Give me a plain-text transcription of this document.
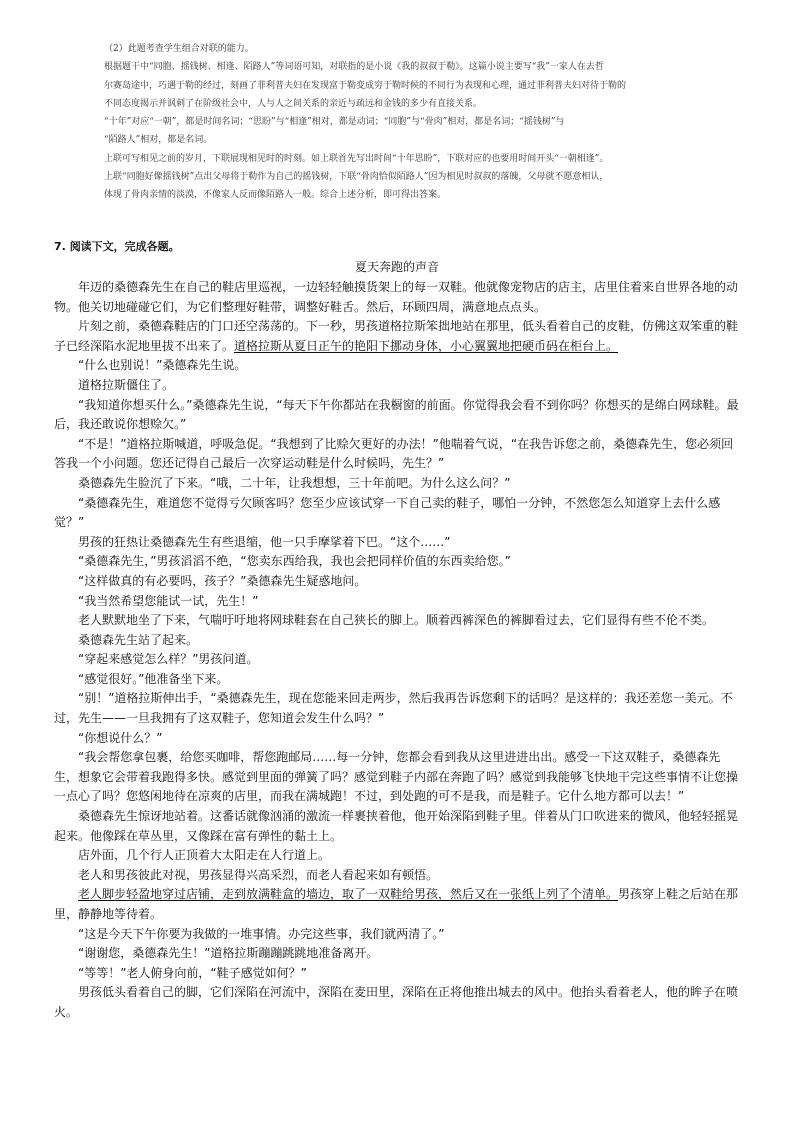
（2）此题考查学生组合对联的能力。

根据题干中“同胞、摇钱树、相逢、陌路人”等词语可知，对联指的是小说《我的叔叔于勒》。这篇小说主要写“我”一家人在去哲

尔赛岛途中，巧遇于勒的经过，刻画了菲利普夫妇在发现富于勒变成穷于勒时候的不同行为表现和心理，通过菲利普夫妇对待于勒的

不同态度揭示并讽刺了在阶级社会中，人与人之间关系的亲近与疏远和金钱的多少有直接关系。

“十年”对应“一朝”，都是时间名词；“思盼”与“相逢”相对，都是动词；“同胞”与“骨肉”相对，都是名词；“摇钱树”与

“陌路人”相对，都是名词。

上联可写相见之前的岁月，下联展现相见时的时刻。如上联首先写出时间“十年思盼”，下联对应的也要用时间开头“一朝相逢”。

上联“同胞好像摇钱树”点出父母将于勒作为自己的摇钱树，下联“骨肉恰似陌路人”因为相见时叔叔的落魄，父母就不愿意相认，

体现了骨肉亲情的淡漠，不像家人反而像陌路人一般。综合上述分析，即可得出答案。

7. 阅读下文，完成各题。
夏天奔跑的声音

年迈的桑德森先生在自己的鞋店里巡视，一边轻轻触摸货架上的每一双鞋。他就像宠物店的店主，店里住着来自世界各地的动物。他关切地碰碰它们，为它们整理好鞋带，调整好鞋舌。然后，环顾四周，满意地点点头。

片刻之前，桑德森鞋店的门口还空荡荡的。下一秒，男孩道格拉斯笨拙地站在那里，低头看着自己的皮鞋，仿佛这双笨重的鞋子已经深陷水泥地里拔不出来了。道格拉斯从夏日正午的艳阳下挪动身体，小心翼翼地把硬币码在柜台上。

“什么也别说！”桑德森先生说。

道格拉斯僵住了。

“我知道你想买什么。”桑德森先生说，“每天下午你都站在我橱窗的前面。你觉得我会看不到你吗？你想买的是绵白网球鞋。最后，我还敢说你想赊欠。”

“不是！”道格拉斯喊道，呼吸急促。“我想到了比赊欠更好的办法！”他喘着气说，“在我告诉您之前，桑德森先生，您必须回答我一个小问题。您还记得自己最后一次穿运动鞋是什么时候吗，先生？”

桑德森先生脸沉了下来。“哦，二十年，让我想想，三十年前吧。为什么这么问？”

“桑德森先生，难道您不觉得亏欠顾客吗？您至少应该试穿一下自己卖的鞋子，哪怕一分钟，不然您怎么知道穿上去什么感觉？”

男孩的狂热让桑德森先生有些退缩，他一只手摩挲着下巴。“这个……”

“桑德森先生，”男孩滔滔不绝，“您卖东西给我，我也会把同样价值的东西卖给您。”

“这样做真的有必要吗，孩子？”桑德森先生疑惑地问。

“我当然希望您能试一试，先生！”

老人默默地坐了下来，气喘吁吁地将网球鞋套在自己狭长的脚上。顺着西裤深色的裤脚看过去，它们显得有些不伦不类。

桑德森先生站了起来。

“穿起来感觉怎么样？”男孩问道。

“感觉很好。”他准备坐下来。

“别！”道格拉斯伸出手，“桑德森先生，现在您能来回走两步，然后我再告诉您剩下的话吗？是这样的：我还差您一美元。不过，先生——一旦我拥有了这双鞋子，您知道会发生什么吗？”

“你想说什么？”

“我会帮您拿包裹，给您买咖啡，帮您跑邮局……每一分钟，您都会看到我从这里进进出出。感受一下这双鞋子，桑德森先生，想象它会带着我跑得多快。感觉到里面的弹簧了吗？感觉到鞋子内部在奔跑了吗？感觉到我能够飞快地干完这些事情不让您操一点心了吗？您悠闲地待在凉爽的店里，而我在满城跑！不过，到处跑的可不是我，而是鞋子。它什么地方都可以去！”

桑德森先生惊讶地站着。这番话就像汹涌的激流一样裹挟着他，他开始深陷到鞋子里。伴着从门口吹进来的微风，他轻轻摇晃起来。他像踩在草丛里，又像踩在富有弹性的黏土上。

店外面，几个行人正顶着大太阳走在人行道上。

老人和男孩彼此对视，男孩显得兴高采烈，而老人看起来如有顿悟。

老人脚步轻盈地穿过店铺，走到放满鞋盒的墙边，取了一双鞋给男孩，然后又在一张纸上列了个清单。男孩穿上鞋之后站在那里，静静地等待着。

“这是今天下午你要为我做的一堆事情。办完这些事，我们就两清了。”

“谢谢您，桑德森先生！”道格拉斯蹦蹦跳跳地准备离开。

“等等！”老人俯身向前，“鞋子感觉如何？”

男孩低头看着自己的脚，它们深陷在河流中，深陷在麦田里，深陷在正将他推出城去的风中。他抬头看着老人，他的眸子在喷火。
